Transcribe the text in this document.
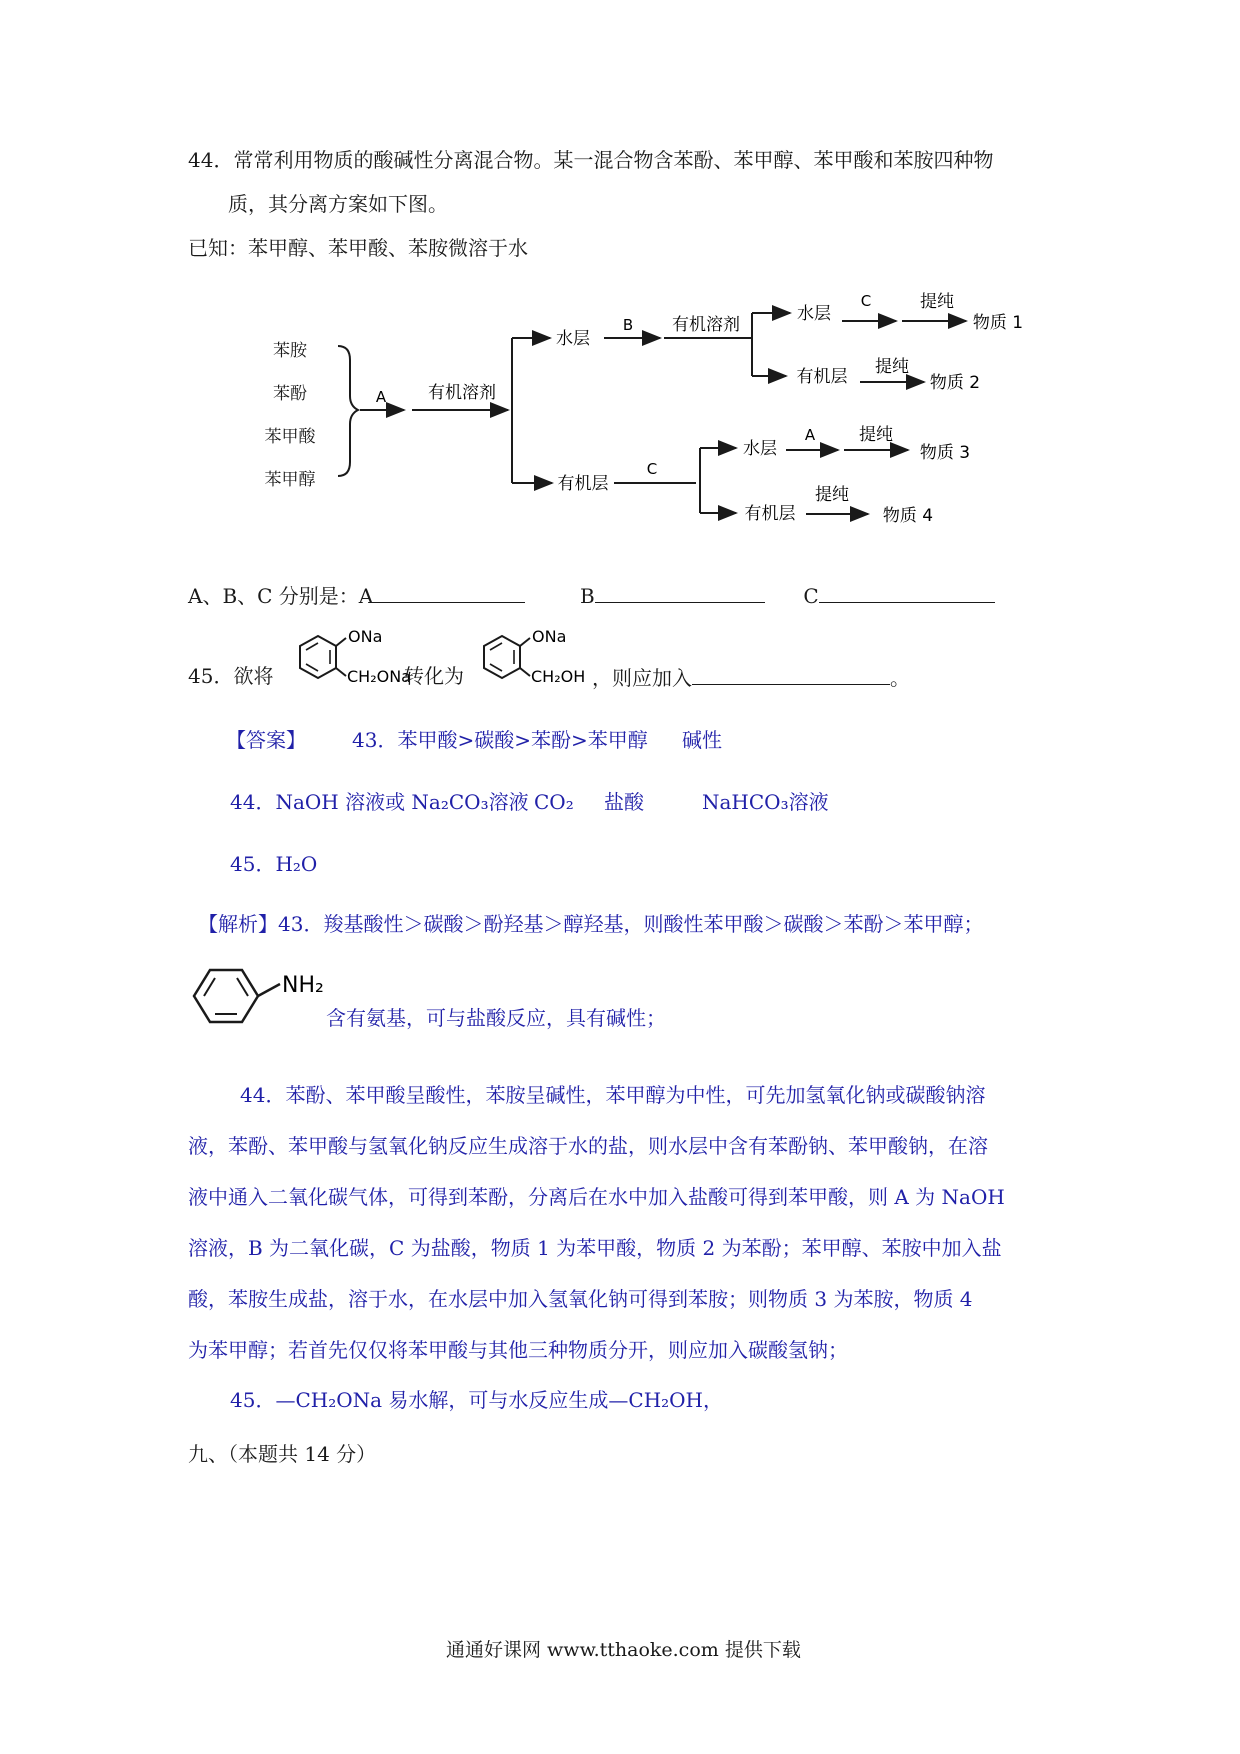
44．常常利用物质的酸碱性分离混合物。某一混合物含苯酚、苯甲醇、苯甲酸和苯胺四种物
质，其分离方案如下图。
已知：苯甲醇、苯甲酸、苯胺微溶于水
苯胺
苯酚
苯甲酸
苯甲醇
A 有机溶剂
水层
有机层
B 有机溶剂
水层
有机层
C	提纯
物质 1
提纯
物质 2
C
水层
有机层
A	提纯
物质 3
提纯
物质 4
A、B、C 分别是：A	B	C
45．欲将
ONa
CH₂ONa
转化为
ONa
CH₂OH ，则应加入	。
【答案】 43．苯甲酸>碳酸>苯酚>苯甲醇 碱性
44．NaOH 溶液或 Na₂CO₃溶液 CO₂ 盐酸	NaHCO₃溶液
45．H₂O
【解析】43．羧基酸性＞碳酸＞酚羟基＞醇羟基，则酸性苯甲酸＞碳酸＞苯酚＞苯甲醇；
NH₂
含有氨基，可与盐酸反应，具有碱性；
44．苯酚、苯甲酸呈酸性，苯胺呈碱性，苯甲醇为中性，可先加氢氧化钠或碳酸钠溶
液，苯酚、苯甲酸与氢氧化钠反应生成溶于水的盐，则水层中含有苯酚钠、苯甲酸钠，在溶
液中通入二氧化碳气体，可得到苯酚，分离后在水中加入盐酸可得到苯甲酸，则 A 为 NaOH
溶液，B 为二氧化碳，C 为盐酸，物质 1 为苯甲酸，物质 2 为苯酚；苯甲醇、苯胺中加入盐
酸，苯胺生成盐，溶于水，在水层中加入氢氧化钠可得到苯胺；则物质 3 为苯胺，物质 4
为苯甲醇；若首先仅仅将苯甲酸与其他三种物质分开，则应加入碳酸氢钠；
45．—CH₂ONa 易水解，可与水反应生成—CH₂OH，
九、（本题共 14 分）
通通好课网 www.tthaoke.com 提供下载
